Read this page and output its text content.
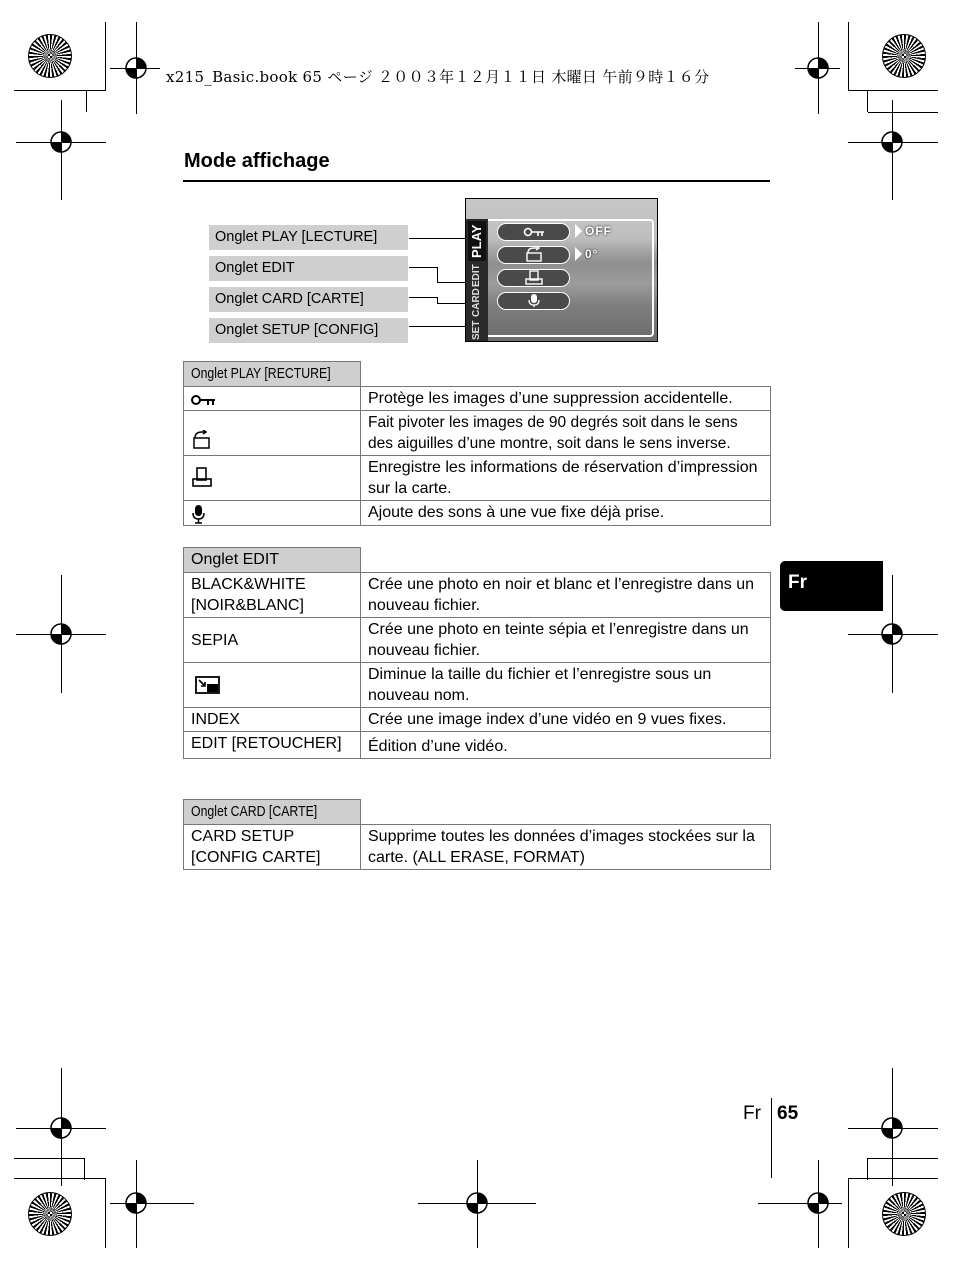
x215_Basic.book 65 ページ ２００３年１２月１１日 木曜日 午前９時１６分
Mode affichage
Onglet PLAY [LECTURE]
Onglet EDIT
Onglet CARD [CARTE]
Onglet SETUP [CONFIG]
PLAY
EDIT
CARD
SET
OFF
0°
Onglet PLAY [RECTURE]	
	Protège les images d’une suppression accidentelle.
	Fait pivoter les images de 90 degrés soit dans le sens des aiguilles d’une montre, soit dans le sens inverse.
	Enregistre les informations de réservation d’impression sur la carte.
	Ajoute des sons à une vue fixe déjà prise.
Onglet EDIT	
BLACK&WHITE [NOIR&BLANC]	Crée une photo en noir et blanc et l’enregistre dans un nouveau fichier.
SEPIA	Crée une photo en teinte sépia et l’enregistre dans un nouveau fichier.
	Diminue la taille du fichier et l’enregistre sous un nouveau nom.
INDEX	Crée une image index d’une vidéo en 9 vues fixes.
EDIT [RETOUCHER]	Édition d’une vidéo.
Onglet CARD [CARTE]	
CARD SETUP [CONFIG CARTE]	Supprime toutes les données d’images stockées sur la carte. (ALL ERASE, FORMAT)
Fr
Fr 65
